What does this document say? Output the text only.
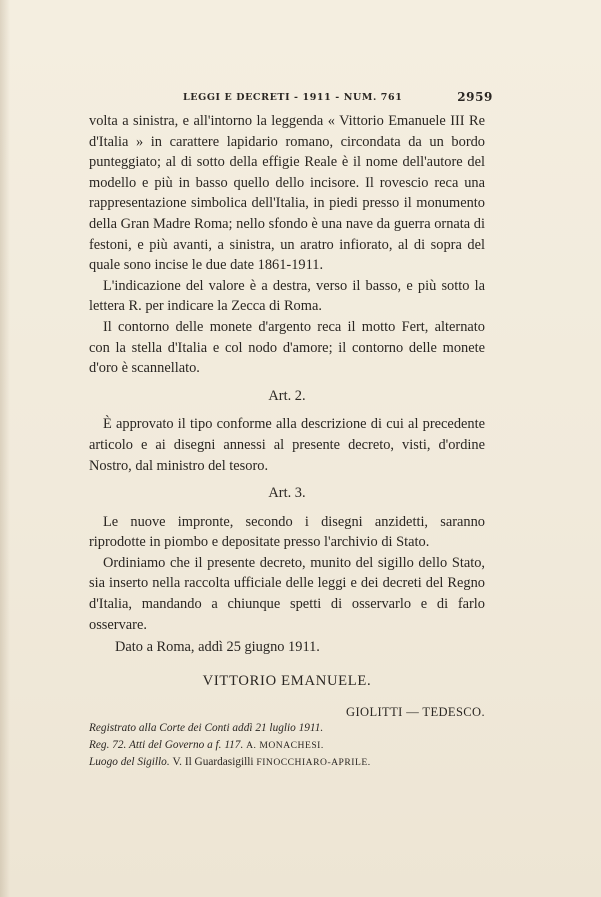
LEGGI E DECRETI - 1911 - NUM. 761	2959

volta a sinistra, e all'intorno la leggenda « Vittorio Emanuele III Re d'Italia » in carattere lapidario romano, circondata da un bordo punteggiato; al di sotto della effigie Reale è il nome dell'autore del modello e più in basso quello dello incisore. Il rovescio reca una rappresentazione simbolica dell'Italia, in piedi presso il monumento della Gran Madre Roma; nello sfondo è una nave da guerra ornata di festoni, e più avanti, a sinistra, un aratro infiorato, al di sopra del quale sono incise le due date 1861-1911.

L'indicazione del valore è a destra, verso il basso, e più sotto la lettera R. per indicare la Zecca di Roma.

Il contorno delle monete d'argento reca il motto Fert, alternato con la stella d'Italia e col nodo d'amore; il contorno delle monete d'oro è scannellato.

Art. 2.

È approvato il tipo conforme alla descrizione di cui al precedente articolo e ai disegni annessi al presente decreto, visti, d'ordine Nostro, dal ministro del tesoro.

Art. 3.

Le nuove impronte, secondo i disegni anzidetti, saranno riprodotte in piombo e depositate presso l'archivio di Stato.

Ordiniamo che il presente decreto, munito del sigillo dello Stato, sia inserto nella raccolta ufficiale delle leggi e dei decreti del Regno d'Italia, mandando a chiunque spetti di osservarlo e di farlo osservare.

Dato a Roma, addì 25 giugno 1911.

VITTORIO EMANUELE.
GIOLITTI — TEDESCO.
Registrato alla Corte dei Conti addì 21 luglio 1911.
Reg. 72. Atti del Governo a f. 117. A. MONACHESI.
Luogo del Sigillo. V. Il Guardasigilli FINOCCHIARO-APRILE.
